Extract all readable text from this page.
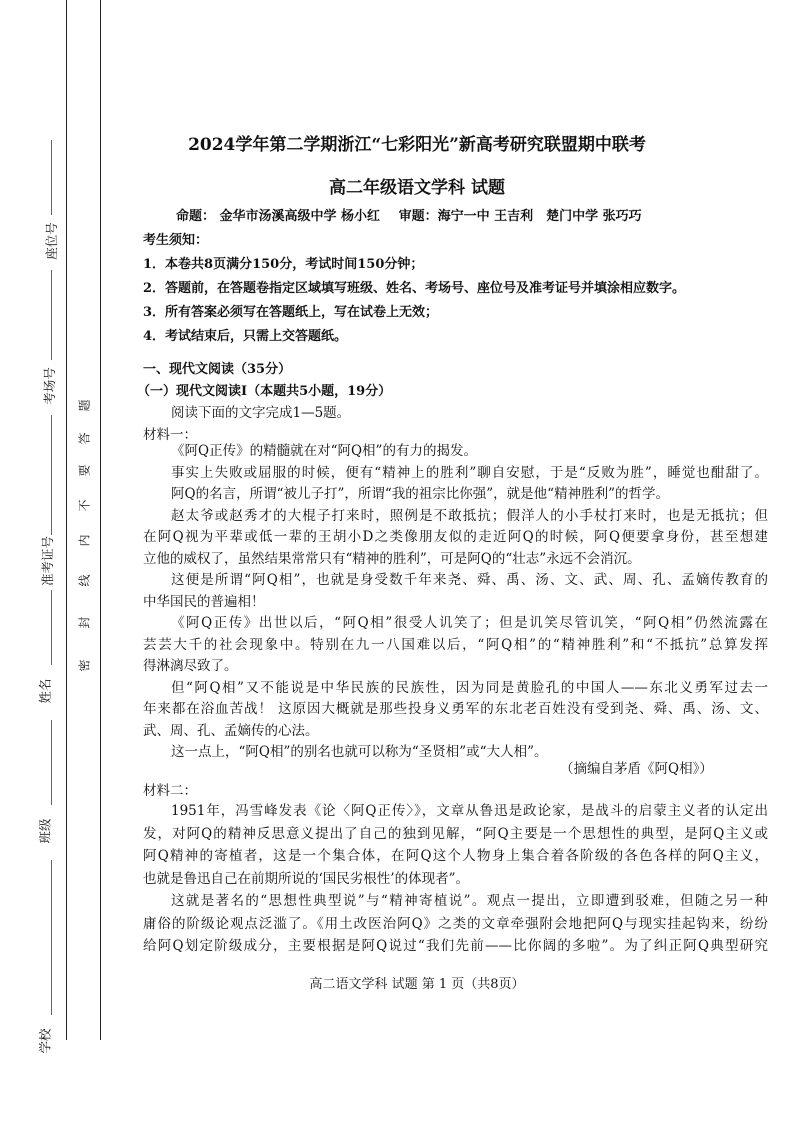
学校
班级
姓名
准考证号
考场号
座位号
密
封
线
内
不
要
答
题
2024学年第二学期浙江“七彩阳光”新高考研究联盟期中联考
高二年级语文学科 试题
命题： 金华市汤溪高级中学 杨小红 审题：海宁一中 王吉利　楚门中学 张巧巧
考生须知：
1．本卷共8页满分150分，考试时间150分钟；
2．答题前，在答题卷指定区域填写班级、姓名、考场号、座位号及准考证号并填涂相应数字。
3．所有答案必须写在答题纸上，写在试卷上无效；
4．考试结束后，只需上交答题纸。
一、现代文阅读（35分）
（一）现代文阅读Ⅰ（本题共5小题，19分）
阅读下面的文字完成1—5题。
材料一：
《阿Q正传》的精髓就在对“阿Q相”的有力的揭发。
事实上失败或屈服的时候，便有“精神上的胜利”聊自安慰，于是“反败为胜”，睡觉也酣甜了。
阿Q的名言，所谓“被儿子打”，所谓“我的祖宗比你强”，就是他“精神胜利”的哲学。
赵太爷或赵秀才的大棍子打来时，照例是不敢抵抗；假洋人的小手杖打来时，也是无抵抗；但
在阿Q视为平辈或低一辈的王胡小D之类像朋友似的走近阿Q的时候，阿Q便要拿身份，甚至想建
立他的威权了，虽然结果常常只有“精神的胜利”，可是阿Q的“壮志”永远不会消沉。
这便是所谓“阿Q相”，也就是身受数千年来尧、舜、禹、汤、文、武、周、孔、孟嫡传教育的
中华国民的普遍相！
《阿Q正传》出世以后，“阿Q相”很受人讥笑了；但是讥笑尽管讥笑，“阿Q相”仍然流露在
芸芸大千的社会现象中。特别在九一八国难以后，“阿Q相”的“精神胜利”和“不抵抗”总算发挥
得淋漓尽致了。
但“阿Q相”又不能说是中华民族的民族性，因为同是黄脸孔的中国人——东北义勇军过去一
年来都在浴血苦战！ 这原因大概就是那些投身义勇军的东北老百姓没有受到尧、舜、禹、汤、文、
武、周、孔、孟嫡传的心法。
这一点上，“阿Q相”的别名也就可以称为“圣贤相”或“大人相”。
（摘编自茅盾《阿Q相》）
材料二：
1951年，冯雪峰发表《论〈阿Q正传〉》，文章从鲁迅是政论家，是战斗的启蒙主义者的认定出
发，对阿Q的精神反思意义提出了自己的独到见解，“阿Q主要是一个思想性的典型，是阿Q主义或
阿Q精神的寄植者，这是一个集合体，在阿Q这个人物身上集合着各阶级的各色各样的阿Q主义，
也就是鲁迅自己在前期所说的‘国民劣根性’的体现者”。
这就是著名的“思想性典型说”与“精神寄植说”。观点一提出，立即遭到驳难，但随之另一种
庸俗的阶级论观点泛滥了。《用土改医治阿Q》之类的文章牵强附会地把阿Q与现实挂起钩来，纷纷
给阿Q划定阶级成分，主要根据是阿Q说过“我们先前——比你阔的多啦”。为了纠正阿Q典型研究
高二语文学科 试题 第 1 页（共8页）
